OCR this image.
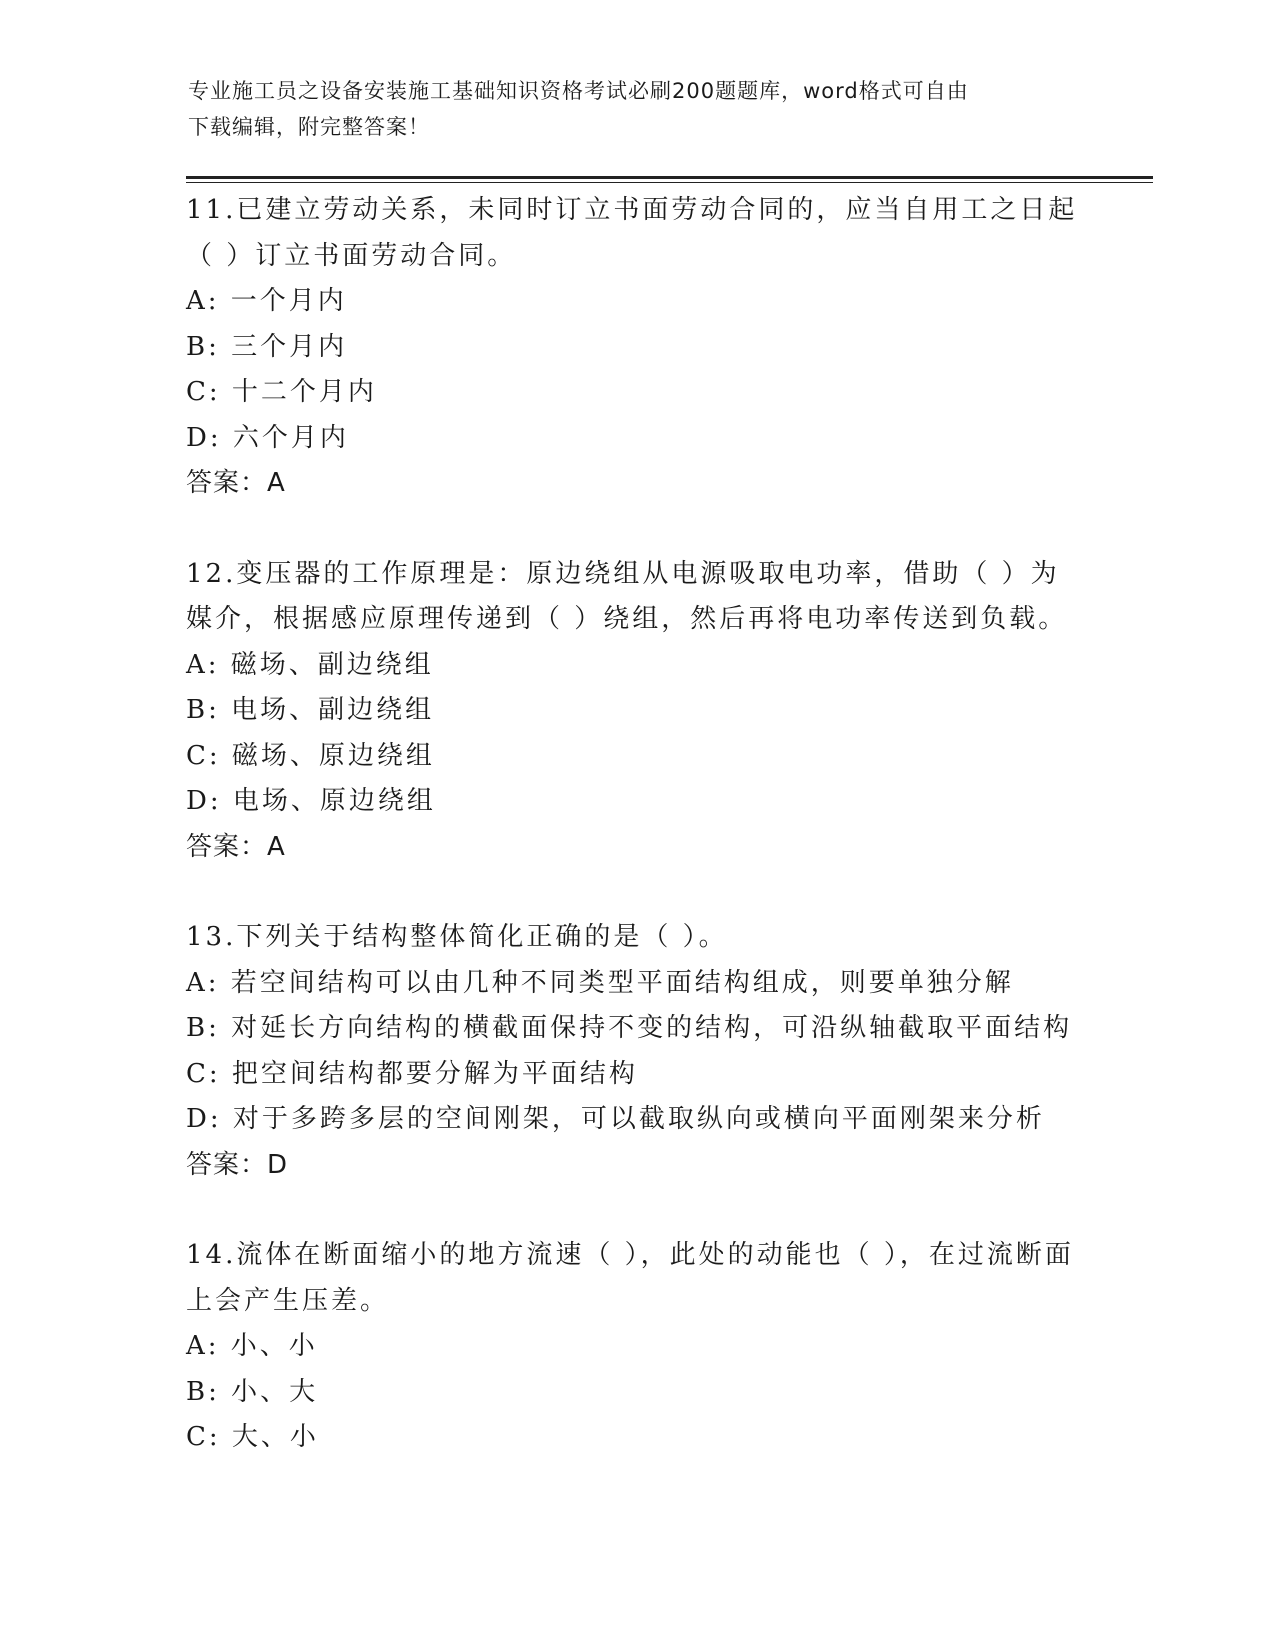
专业施工员之设备安装施工基础知识资格考试必刷200题题库，word格式可自由
下载编辑，附完整答案！
11.已建立劳动关系，未同时订立书面劳动合同的，应当自用工之日起（ ）订立书面劳动合同。
A: 一个月内
B: 三个月内
C: 十二个月内
D: 六个月内
答案：A
12.变压器的工作原理是：原边绕组从电源吸取电功率，借助（ ）为媒介，根据感应原理传递到（ ）绕组，然后再将电功率传送到负载。
A: 磁场、副边绕组
B: 电场、副边绕组
C: 磁场、原边绕组
D: 电场、原边绕组
答案：A
13.下列关于结构整体简化正确的是（ ）。
A: 若空间结构可以由几种不同类型平面结构组成，则要单独分解
B: 对延长方向结构的横截面保持不变的结构，可沿纵轴截取平面结构
C: 把空间结构都要分解为平面结构
D: 对于多跨多层的空间刚架，可以截取纵向或横向平面刚架来分析
答案：D
14.流体在断面缩小的地方流速（ ），此处的动能也（ ），在过流断面上会产生压差。
A: 小、小
B: 小、大
C: 大、小
